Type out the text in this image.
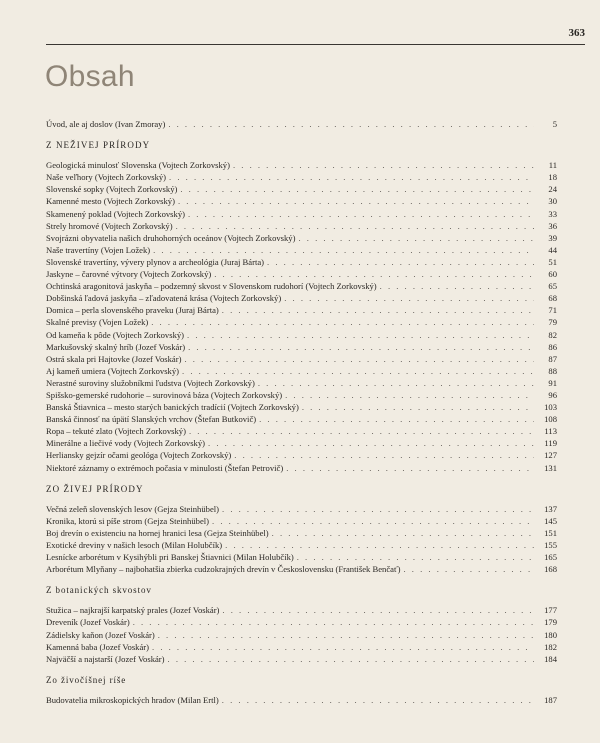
363
Obsah
Úvod, ale aj doslov (Ivan Zmoray) . . .	5
Z NEŽIVEJ PRÍRODY
Geologická minulosť Slovenska (Vojtech Zorkovský) . . .	11
Naše veľhory (Vojtech Zorkovský) . . .	18
Slovenské sopky (Vojtech Zorkovský) . . .	24
Kamenné mesto (Vojtech Zorkovský) . . .	30
Skamenený poklad (Vojtech Zorkovský) . . .	33
Strely hromové (Vojtech Zorkovský) . . .	36
Svojrázni obyvatelia našich druhohorných oceánov (Vojtech Zorkovský) . . .	39
Naše travertíny (Vojen Ložek) . . .	44
Slovenské travertíny, vývery plynov a archeológia (Juraj Bárta) . . .	51
Jaskyne – čarovné výtvory (Vojtech Zorkovský) . . .	60
Ochtinská aragonitová jaskyňa – podzemný skvost v Slovenskom rudohorí (Vojtech Zorkovský) . . .	65
Dobšinská ľadová jaskyňa – zľadovatená krása (Vojtech Zorkovský) . . .	68
Domica – perla slovenského praveku (Juraj Bárta) . . .	71
Skalné previsy (Vojen Ložek) . . .	79
Od kameňa k pôde (Vojtech Zorkovský) . . .	82
Markušovský skalný hríb (Jozef Voskár) . . .	86
Ostrá skala pri Hajtovke (Jozef Voskár) . . .	87
Aj kameň umiera (Vojtech Zorkovský) . . .	88
Nerastné suroviny služobníkmi ľudstva (Vojtech Zorkovský) . . .	91
Spišsko-gemerské rudohorie – surovinová báza (Vojtech Zorkovský) . . .	96
Banská Štiavnica – mesto starých banických tradícií (Vojtech Zorkovský) . . .	103
Banská činnosť na úpätí Slanských vrchov (Štefan Butkovič) . . .	108
Ropa – tekuté zlato (Vojtech Zorkovský) . . .	113
Minerálne a liečivé vody (Vojtech Zorkovský) . . .	119
Herliansky gejzír očami geológa (Vojtech Zorkovský) . . .	127
Niektoré záznamy o extrémoch počasia v minulosti (Štefan Petrovič) . . .	131
ZO ŽIVEJ PRÍRODY
Večná zeleň slovenských lesov (Gejza Steinhübel) . . .	137
Kronika, ktorú si píše strom (Gejza Steinhübel) . . .	145
Boj drevín o existenciu na hornej hranici lesa (Gejza Steinhübel) . . .	151
Exotické dreviny v našich lesoch (Milan Holubčík) . . .	155
Lesnícke arborétum v Kysihýbli pri Banskej Štiavnici (Milan Holubčík) . . .	165
Arborétum Mlyňany – najbohatšia zbierka cudzokrajných drevín v Československu (František Benčať) . . .	168
Z botanických skvostov
Stužica – najkrajší karpatský prales (Jozef Voskár) . . .	177
Dreveník (Jozef Voskár) . . .	179
Zádielsky kaňon (Jozef Voskár) . . .	180
Kamenná baba (Jozef Voskár) . . .	182
Najväčší a najstarší (Jozef Voskár) . . .	184
Zo živočíšnej ríše
Budovatelia mikroskopických hradov (Milan Ertl) . . .	187
